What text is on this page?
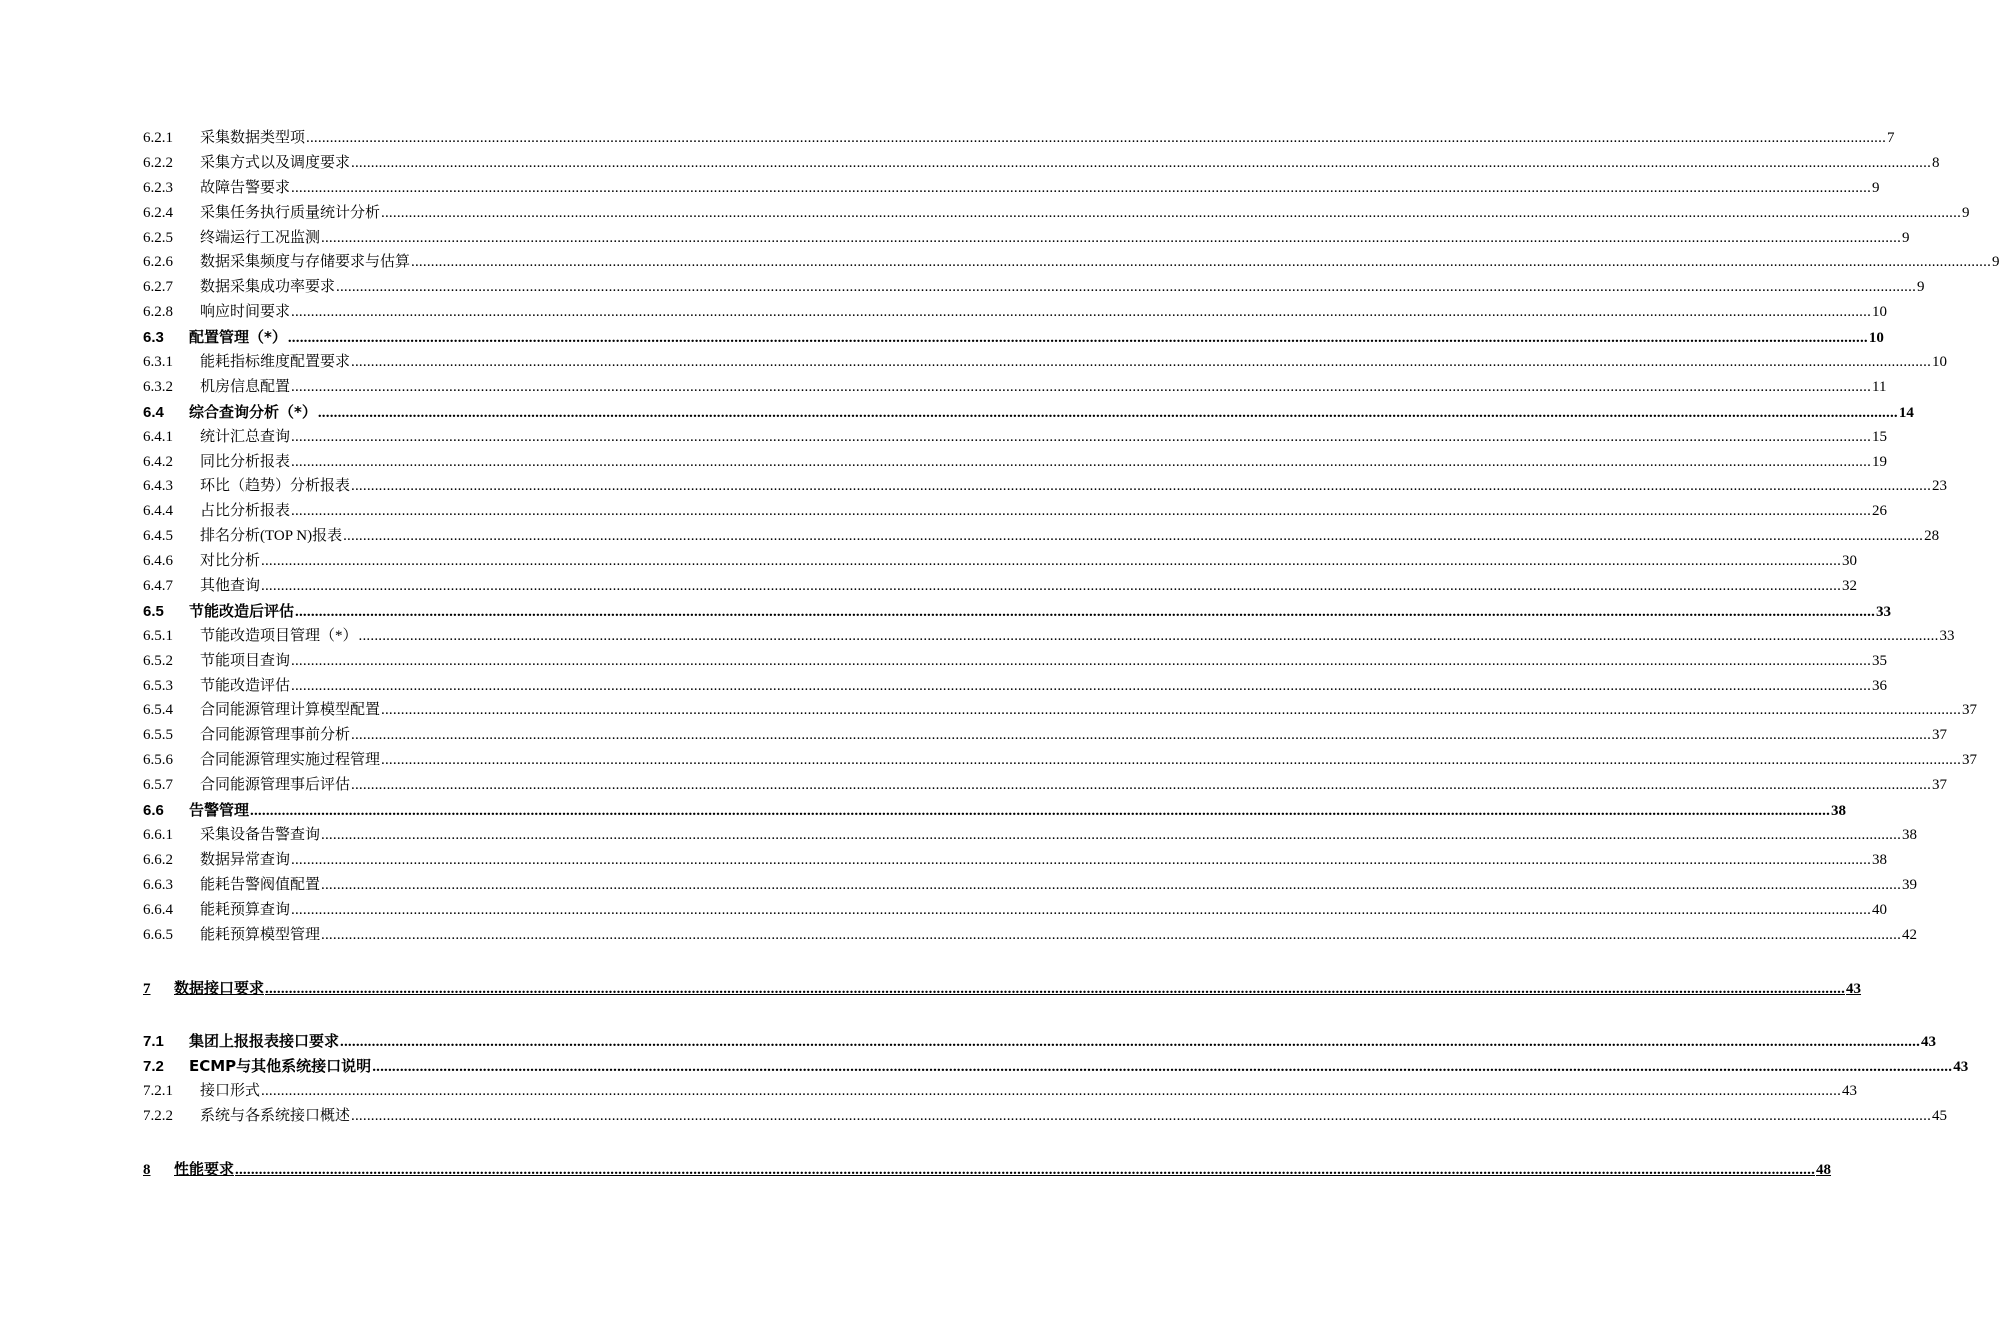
6.2.1	采集数据类型项 ................................................................................................................................................................................................................................................................................................................................................................................................................ 7
6.2.2	采集方式以及调度要求 ................................................................................................................................................................................................................................................................................................................................................................................................................ 8
6.2.3	故障告警要求 ................................................................................................................................................................................................................................................................................................................................................................................................................ 9
6.2.4	采集任务执行质量统计分析 ................................................................................................................................................................................................................................................................................................................................................................................................................ 9
6.2.5	终端运行工况监测 ................................................................................................................................................................................................................................................................................................................................................................................................................ 9
6.2.6	数据采集频度与存储要求与估算 ................................................................................................................................................................................................................................................................................................................................................................................................................ 9
6.2.7	数据采集成功率要求 ................................................................................................................................................................................................................................................................................................................................................................................................................ 9
6.2.8	响应时间要求 ................................................................................................................................................................................................................................................................................................................................................................................................................ 10
6.3	配置管理（*） ................................................................................................................................................................................................................................................................................................................................................................................................................ 10
6.3.1	能耗指标维度配置要求 ................................................................................................................................................................................................................................................................................................................................................................................................................ 10
6.3.2	机房信息配置 ................................................................................................................................................................................................................................................................................................................................................................................................................ 11
6.4	综合查询分析（*） ................................................................................................................................................................................................................................................................................................................................................................................................................ 14
6.4.1	统计汇总查询 ................................................................................................................................................................................................................................................................................................................................................................................................................ 15
6.4.2	同比分析报表 ................................................................................................................................................................................................................................................................................................................................................................................................................ 19
6.4.3	环比（趋势）分析报表 ................................................................................................................................................................................................................................................................................................................................................................................................................ 23
6.4.4	占比分析报表 ................................................................................................................................................................................................................................................................................................................................................................................................................ 26
6.4.5	排名分析(TOP N)报表 ................................................................................................................................................................................................................................................................................................................................................................................................................ 28
6.4.6	对比分析 ................................................................................................................................................................................................................................................................................................................................................................................................................ 30
6.4.7	其他查询 ................................................................................................................................................................................................................................................................................................................................................................................................................ 32
6.5	节能改造后评估 ................................................................................................................................................................................................................................................................................................................................................................................................................ 33
6.5.1	节能改造项目管理（*） ................................................................................................................................................................................................................................................................................................................................................................................................................ 33
6.5.2	节能项目查询 ................................................................................................................................................................................................................................................................................................................................................................................................................ 35
6.5.3	节能改造评估 ................................................................................................................................................................................................................................................................................................................................................................................................................ 36
6.5.4	合同能源管理计算模型配置 ................................................................................................................................................................................................................................................................................................................................................................................................................ 37
6.5.5	合同能源管理事前分析 ................................................................................................................................................................................................................................................................................................................................................................................................................ 37
6.5.6	合同能源管理实施过程管理 ................................................................................................................................................................................................................................................................................................................................................................................................................ 37
6.5.7	合同能源管理事后评估 ................................................................................................................................................................................................................................................................................................................................................................................................................ 37
6.6	告警管理 ................................................................................................................................................................................................................................................................................................................................................................................................................ 38
6.6.1	采集设备告警查询 ................................................................................................................................................................................................................................................................................................................................................................................................................ 38
6.6.2	数据异常查询 ................................................................................................................................................................................................................................................................................................................................................................................................................ 38
6.6.3	能耗告警阀值配置 ................................................................................................................................................................................................................................................................................................................................................................................................................ 39
6.6.4	能耗预算查询 ................................................................................................................................................................................................................................................................................................................................................................................................................ 40
6.6.5	能耗预算模型管理 ................................................................................................................................................................................................................................................................................................................................................................................................................ 42
7	数据接口要求 ................................................................................................................................................................................................................................................................................................................................................................................................................ 43
7.1	集团上报报表接口要求 ................................................................................................................................................................................................................................................................................................................................................................................................................ 43
7.2	ECMP与其他系统接口说明 ................................................................................................................................................................................................................................................................................................................................................................................................................ 43
7.2.1	接口形式 ................................................................................................................................................................................................................................................................................................................................................................................................................ 43
7.2.2	系统与各系统接口概述 ................................................................................................................................................................................................................................................................................................................................................................................................................ 45
8	性能要求 ................................................................................................................................................................................................................................................................................................................................................................................................................ 48
